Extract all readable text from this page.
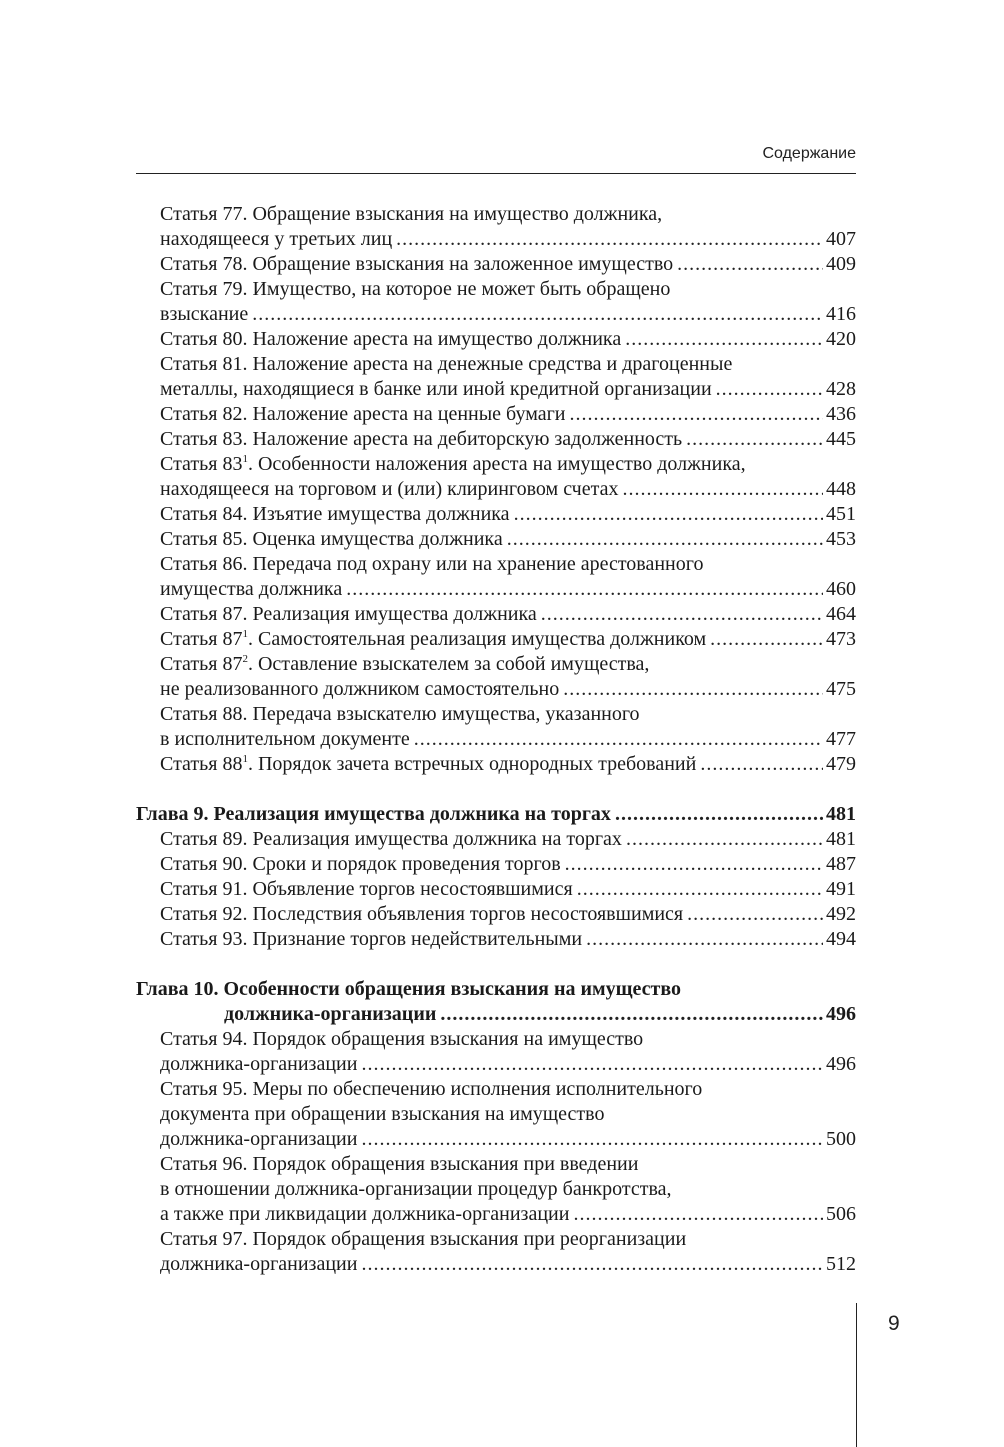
Содержание
Статья 77. Обращение взыскания на имущество должника,
находящееся у третьих лиц . . .	407
Статья 78. Обращение взыскания на заложенное имущество . . .	409
Статья 79. Имущество, на которое не может быть обращено
взыскание . . .	416
Статья 80. Наложение ареста на имущество должника . . .	420
Статья 81. Наложение ареста на денежные средства и драгоценные
металлы, находящиеся в банке или иной кредитной организации . . .	428
Статья 82. Наложение ареста на ценные бумаги . . .	436
Статья 83. Наложение ареста на дебиторскую задолженность . . .	445
Статья $83^1$. Особенности наложения ареста на имущество должника,
находящееся на торговом и (или) клиринговом счетах . . .	448
Статья 84. Изъятие имущества должника . . .	451
Статья 85. Оценка имущества должника . . .	453
Статья 86. Передача под охрану или на хранение арестованного
имущества должника . . .	460
Статья 87. Реализация имущества должника . . .	464
Статья $87^1$. Самостоятельная реализация имущества должником . . .	473
Статья $87^2$. Оставление взыскателем за собой имущества,
не реализованного должником самостоятельно . . .	475
Статья 88. Передача взыскателю имущества, указанного
в исполнительном документе . . .	477
Статья $88^1$. Порядок зачета встречных однородных требований . . .	479
Глава 9. Реализация имущества должника на торгах . . .	481
Статья 89. Реализация имущества должника на торгах . . .	481
Статья 90. Сроки и порядок проведения торгов . . .	487
Статья 91. Объявление торгов несостоявшимися . . .	491
Статья 92. Последствия объявления торгов несостоявшимися . . .	492
Статья 93. Признание торгов недействительными . . .	494
Глава 10. Особенности обращения взыскания на имущество
должника-организации . . .	496
Статья 94. Порядок обращения взыскания на имущество
должника-организации . . .	496
Статья 95. Меры по обеспечению исполнения исполнительного
документа при обращении взыскания на имущество
должника-организации . . .	500
Статья 96. Порядок обращения взыскания при введении
в отношении должника-организации процедур банкротства,
а также при ликвидации должника-организации . . .	506
Статья 97. Порядок обращения взыскания при реорганизации
должника-организации . . .	512
9
